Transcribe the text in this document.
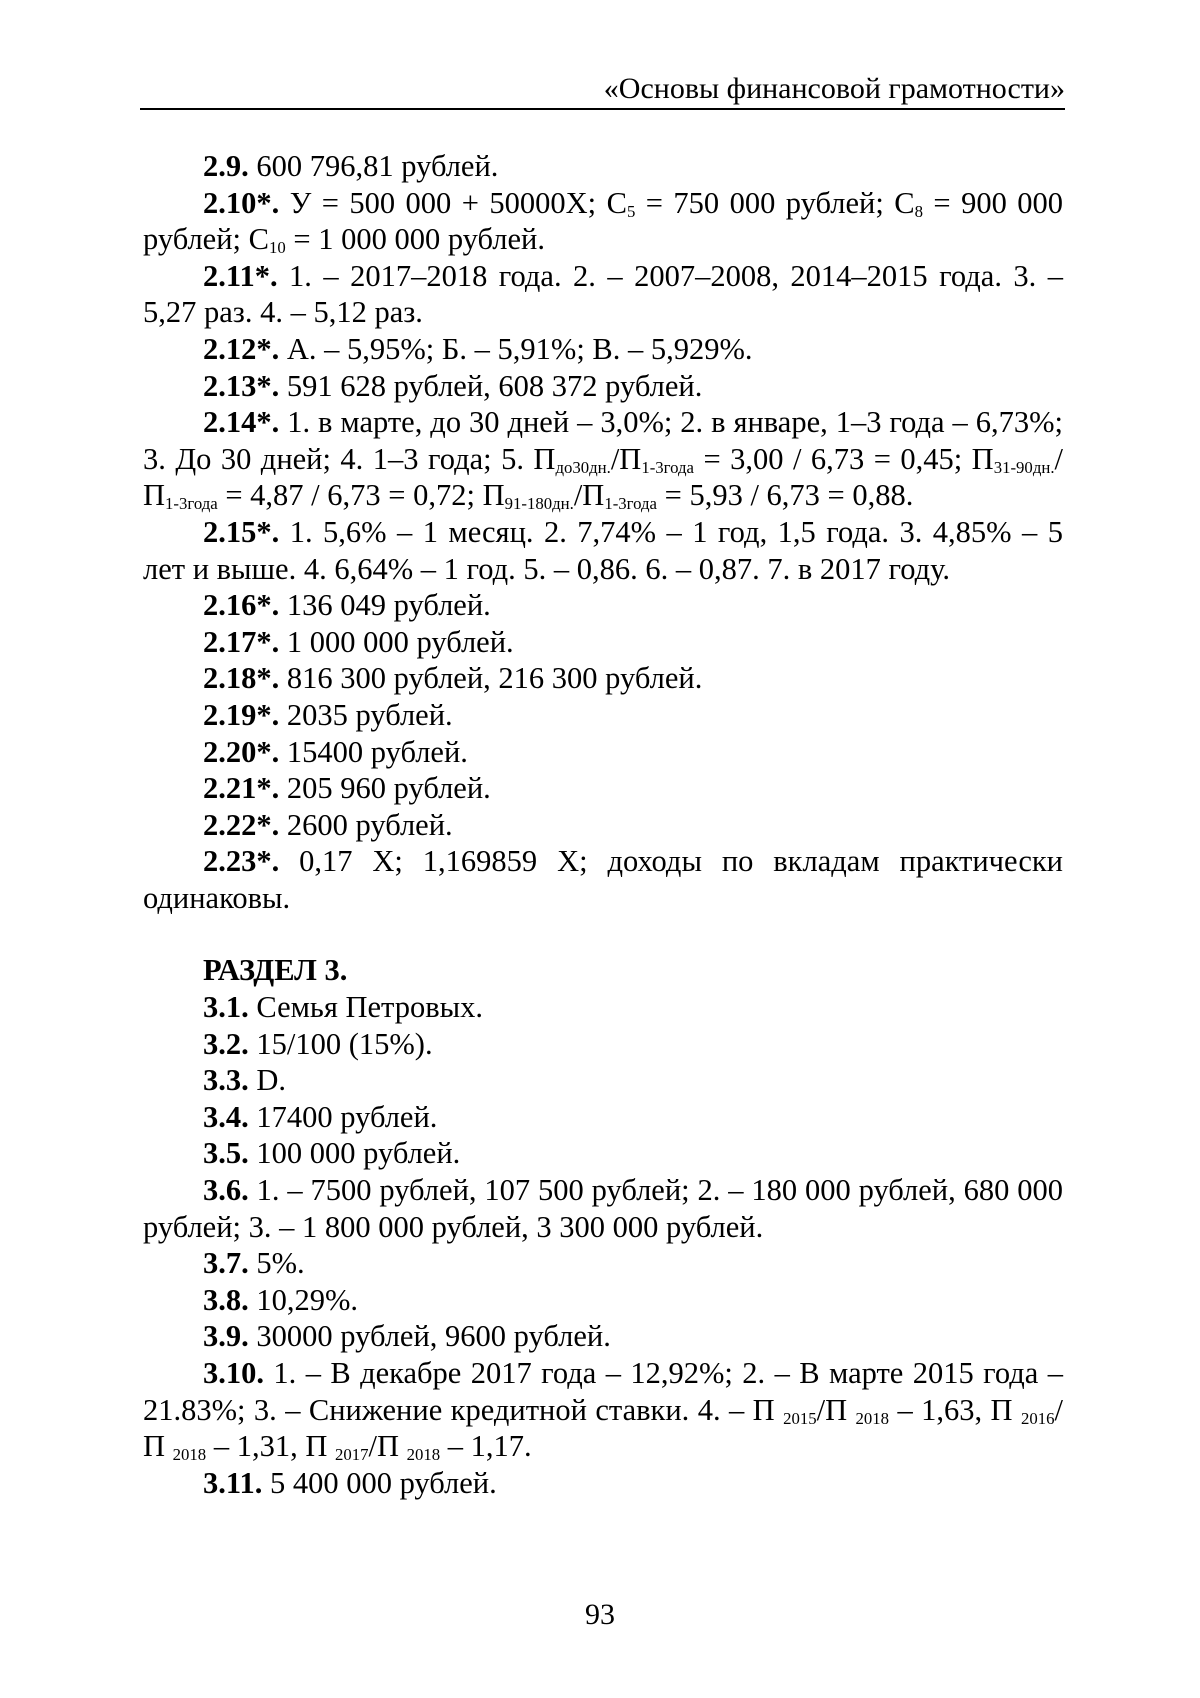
«Основы финансовой грамотности»

2.9. 600 796,81 рублей.

2.10*. У = 500 000 + 50000Х; $С_5 = 750$ 000 рублей; $С_8 = 900$ 000 рублей; $С_{10} = 1$ 000 000 рублей.

2.11*. 1. – 2017–2018 года. 2. – 2007–2008, 2014–2015 года. 3. – 5,27 раз. 4. – 5,12 раз.

2.12*. А. – 5,95%; Б. – 5,91%; В. – 5,929%.

2.13*. 591 628 рублей, 608 372 рублей.

2.14*. 1. в марте, до 30 дней – 3,0%; 2. в январе, 1–3 года – 6,73%; 3. До 30 дней; 4. 1–3 года; 5. $П_{до30дн.}/П_{1-3года} = 3,00 / 6,73 = 0,45$; $П_{31-90дн.}/П_{1-3года} = 4,87 / 6,73 = 0,72$; $П_{91-180дн.}/П_{1-3года} = 5,93 / 6,73 = 0,88$.

2.15*. 1. 5,6% – 1 месяц. 2. 7,74% – 1 год, 1,5 года. 3. 4,85% – 5 лет и выше. 4. 6,64% – 1 год. 5. – 0,86. 6. – 0,87. 7. в 2017 году.

2.16*. 136 049 рублей.

2.17*. 1 000 000 рублей.

2.18*. 816 300 рублей, 216 300 рублей.

2.19*. 2035 рублей.

2.20*. 15400 рублей.

2.21*. 205 960 рублей.

2.22*. 2600 рублей.

2.23*. 0,17 Х; 1,169859 Х; доходы по вкладам практически одинаковы.

РАЗДЕЛ 3.

3.1. Семья Петровых.

3.2. 15/100 (15%).

3.3. D.

3.4. 17400 рублей.

3.5. 100 000 рублей.

3.6. 1. – 7500 рублей, 107 500 рублей; 2. – 180 000 рублей, 680 000 рублей; 3. – 1 800 000 рублей, 3 300 000 рублей.

3.7. 5%.

3.8. 10,29%.

3.9. 30000 рублей, 9600 рублей.

3.10. 1. – В декабре 2017 года – 12,92%; 2. – В марте 2015 года – 21.83%; 3. – Снижение кредитной ставки. 4. – П $_{2015}$/П $_{2018}$ – 1,63, П $_{2016}$/П $_{2018}$ – 1,31, П $_{2017}$/П $_{2018}$ – 1,17.

3.11. 5 400 000 рублей.

93
